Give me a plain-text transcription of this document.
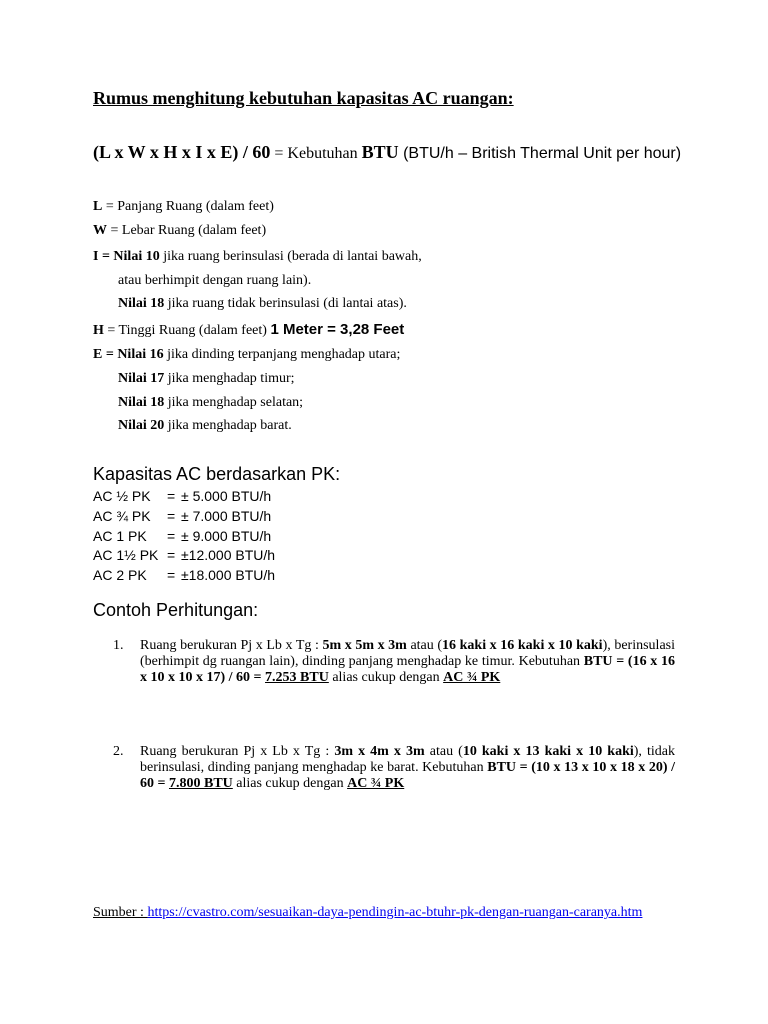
Rumus menghitung kebutuhan kapasitas AC ruangan:
(L x W x H x I x E) / 60 = Kebutuhan BTU (BTU/h – British Thermal Unit per hour)
L = Panjang Ruang (dalam feet)
W = Lebar Ruang (dalam feet)
I = Nilai 10 jika ruang berinsulasi (berada di lantai bawah,
atau berhimpit dengan ruang lain).
Nilai 18 jika ruang tidak berinsulasi (di lantai atas).
H = Tinggi Ruang (dalam feet) 1 Meter = 3,28 Feet
E = Nilai 16 jika dinding terpanjang menghadap utara;
Nilai 17 jika menghadap timur;
Nilai 18 jika menghadap selatan;
Nilai 20 jika menghadap barat.
Kapasitas AC berdasarkan PK:
AC ½ PK = ± 5.000 BTU/h
AC ¾ PK = ± 7.000 BTU/h
AC 1 PK = ± 9.000 BTU/h
AC 1½ PK = ±12.000 BTU/h
AC 2 PK = ±18.000 BTU/h
Contoh Perhitungan:
1. Ruang berukuran Pj x Lb x Tg : 5m x 5m x 3m atau (16 kaki x 16 kaki x 10 kaki), berinsulasi (berhimpit dg ruangan lain), dinding panjang menghadap ke timur. Kebutuhan BTU = (16 x 16 x 10 x 10 x 17) / 60 = 7.253 BTU alias cukup dengan AC ¾ PK
2. Ruang berukuran Pj x Lb x Tg : 3m x 4m x 3m atau (10 kaki x 13 kaki x 10 kaki), tidak berinsulasi, dinding panjang menghadap ke barat. Kebutuhan BTU = (10 x 13 x 10 x 18 x 20) / 60 = 7.800 BTU alias cukup dengan AC ¾ PK
Sumber : https://cvastro.com/sesuaikan-daya-pendingin-ac-btuhr-pk-dengan-ruangan-caranya.htm
